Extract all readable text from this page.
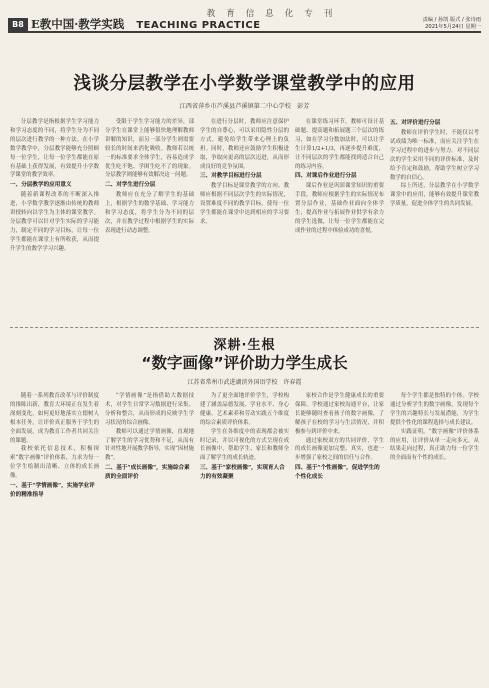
教育信息化专刊
B8 E教中国·教学实践 TEACHING PRACTICE	责编 / 孙凯 版式 / 张诗雨
2021年5月24日 星期一
浅谈分层教学在小学数学课堂教学中的应用
江西省萍乡市芦溪县芦溪镇第二中心学校　彭芳

分层教学是指根据学生学习能力和学习态度的不同，将学生分为不同的层次进行教学的一种方法。在小学数学教学中，分层教学能够充分照顾每一位学生，让每一位学生都能在原有基础上获得发展，有效提升小学数学课堂的教学效率。

一、分层教学的应用意义

随着新课程改革的不断深入推进，小学数学教学逐渐由传统的教师讲授转向以学生为主体的课堂教学。分层教学可以针对学生实际的学习能力，制定不同的学习目标，让每一位学生都能在课堂上有所收获，从而提升学生的数学学习兴趣。

受限于学生学习能力的差异，部分学生在课堂上能够很快地理解教师讲解的知识，而另一部分学生则需要较长的时间来消化吸收。教师若以统一的标准要求全体学生，容易造成学优生吃不饱、学困生吃不了的现象。分层教学则能够有效解决这一问题。

二、对学生进行分层

教师应在充分了解学生的基础上，根据学生的数学基础、学习能力和学习态度，将学生分为不同的层次，并在教学过程中根据学生的实际表现进行动态调整。

在进行分层时，教师应注意保护学生的自尊心，可以采用隐性分层的方式，避免给学生带来心理上的负担。同时，教师还应鼓励学生积极进取，争取向更高的层次迈进，从而形成良好的竞争氛围。

三、对教学目标进行分层

教学目标是课堂教学的方向。教师应根据不同层次学生的实际情况，设置难度不同的教学目标，使每一位学生都能在课堂中达到相应的学习要求。

在课堂练习环节，教师可设计基础题、提高题和拓展题三个层次的练习，如在学习分数加法时，可以让学生计算1/2+1/3，再逐步提升难度，让不同层次的学生都能找到适合自己的练习内容。

四、对课后作业进行分层

课后作业是巩固课堂知识的重要手段，教师应根据学生的实际情况布置分层作业，基础作业面向全体学生，提高作业与拓展作业供学有余力的学生选做，让每一位学生都能在完成作业的过程中体验成功的喜悦。

五、对评价进行分层

教师在评价学生时，不能仅以考试成绩为唯一标准，而应关注学生在学习过程中的进步与努力。对不同层次的学生采用不同的评价标准，及时给予肯定和鼓励，帮助学生树立学习数学的自信心。

综上所述，分层教学在小学数学课堂中的应用，能够有效提升课堂教学质量，促进全体学生的共同发展。

深耕·生根
“数字画像”评价助力学生成长
江苏省常州市武进湖滨外国语学校　许春霞

随着一系列教育改革与评价制度的推陈出新，教育大环境正在发生着深刻变化，如何更好地落实立德树人根本任务，让评价真正服务于学生的全面发展，成为教育工作者共同关注的课题。

我校依托信息技术，积极探索“数字画像”评价体系，力求为每一位学生绘制出清晰、立体的成长画像。

一、基于“学情画像”，实施学业评价的精准指导

“学情画像”是指借助大数据技术，对学生日常学习数据进行采集、分析和整合，从而形成的反映学生学习状况的综合画像。

教师可以通过学情画像，直观地了解学生的学习优势和不足，从而有针对性地开展教学指导，实现“因材施教”。

二、基于“成长画像”，实施综合素质的全面评价

为了更全面地评价学生，学校构建了涵盖品德发展、学业水平、身心健康、艺术素养和劳动实践五个维度的综合素质评价体系。

学生在各维度中的表现都会被实时记录，并以可视化的方式呈现在成长画像中，帮助学生、家长和教师全面了解学生的成长轨迹。

三、基于“家校画像”，实现育人合力的有效凝聚

家校合作是学生健康成长的重要保障。学校通过家校沟通平台，让家长能够随时查看孩子的数字画像，了解孩子在校的学习与生活情况，并积极参与到评价中来。

通过家校双方的共同评价，学生的成长画像更加完整、真实，也进一步增强了家校之间的信任与合作。

四、基于“个性画像”，促进学生的个性化成长

每个学生都是独特的个体。学校通过分析学生的数字画像，发现每个学生的兴趣特长与发展潜能，为学生提供个性化的课程选择与成长建议。

实践证明，“数字画像”评价体系的应用，让评价从单一走向多元，从结果走向过程，真正助力每一位学生的全面而有个性的成长。
